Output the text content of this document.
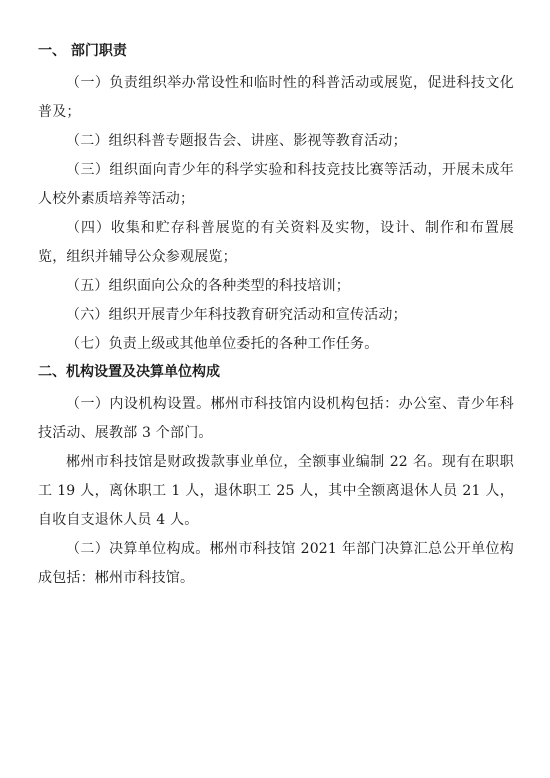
一、 部门职责

（一）负责组织举办常设性和临时性的科普活动或展览，促进科技文化普及；

（二）组织科普专题报告会、讲座、影视等教育活动；

（三）组织面向青少年的科学实验和科技竞技比赛等活动，开展未成年人校外素质培养等活动；

（四）收集和贮存科普展览的有关资料及实物，设计、制作和布置展览，组织并辅导公众参观展览；

（五）组织面向公众的各种类型的科技培训；

（六）组织开展青少年科技教育研究活动和宣传活动；

（七）负责上级或其他单位委托的各种工作任务。

二、机构设置及决算单位构成

（一）内设机构设置。郴州市科技馆内设机构包括：办公室、青少年科技活动、展教部 3 个部门。

郴州市科技馆是财政拨款事业单位，全额事业编制 22 名。现有在职职工 19 人，离休职工 1 人，退休职工 25 人，其中全额离退休人员 21 人，自收自支退休人员 4 人。

（二）决算单位构成。郴州市科技馆 2021 年部门决算汇总公开单位构成包括：郴州市科技馆。
